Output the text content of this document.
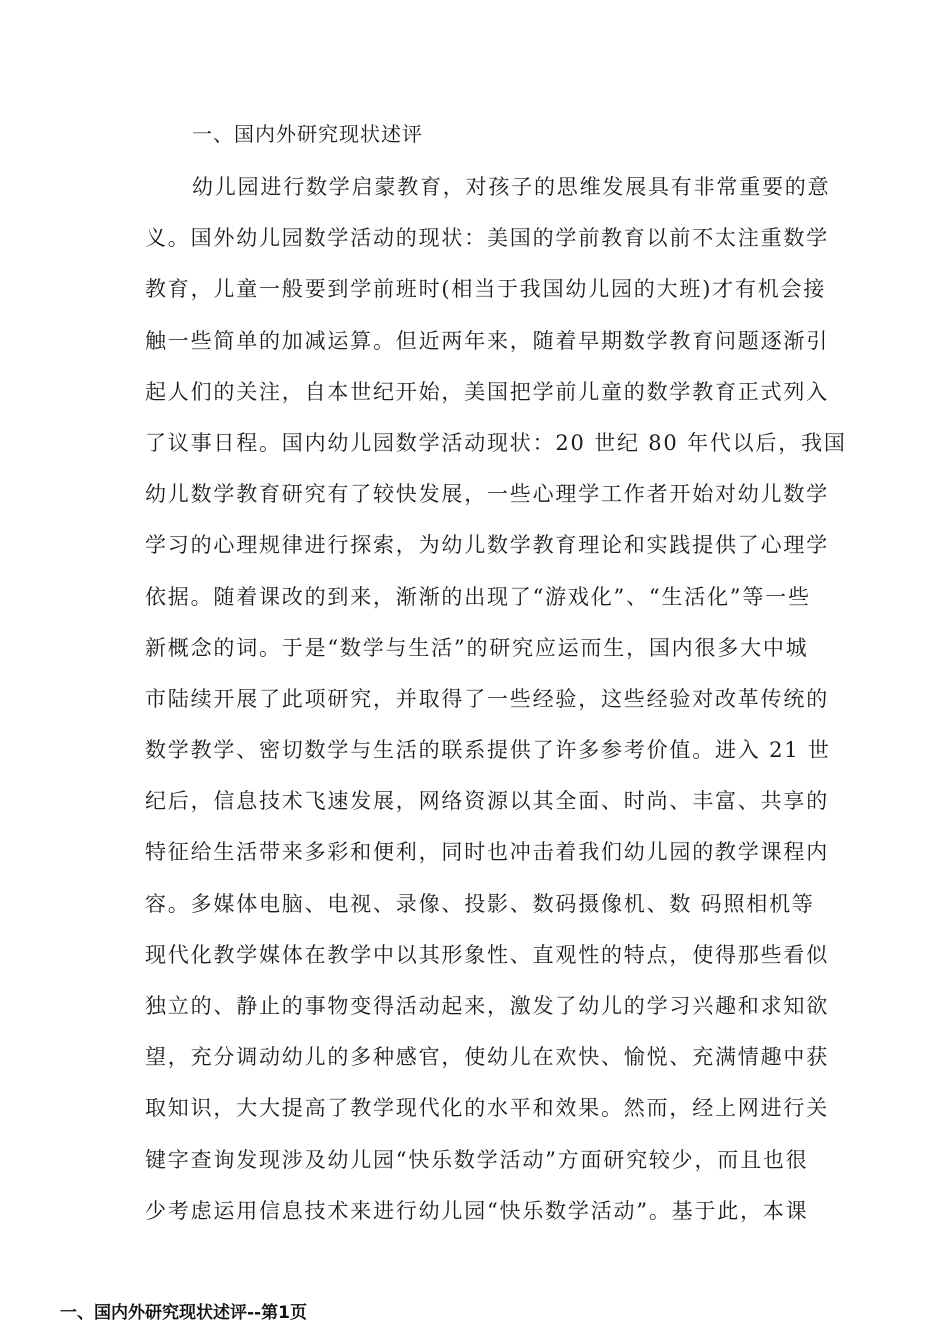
一、国内外研究现状述评
幼儿园进行数学启蒙教育，对孩子的思维发展具有非常重要的意
义。国外幼儿园数学活动的现状：美国的学前教育以前不太注重数学
教育，儿童一般要到学前班时(相当于我国幼儿园的大班)才有机会接
触一些简单的加减运算。但近两年来，随着早期数学教育问题逐渐引
起人们的关注，自本世纪开始，美国把学前儿童的数学教育正式列入
了议事日程。国内幼儿园数学活动现状：20 世纪 80 年代以后，我国
幼儿数学教育研究有了较快发展，一些心理学工作者开始对幼儿数学
学习的心理规律进行探索，为幼儿数学教育理论和实践提供了心理学
依据。随着课改的到来，渐渐的出现了“游戏化”、“生活化”等一些
新概念的词。于是“数学与生活”的研究应运而生，国内很多大中城
市陆续开展了此项研究，并取得了一些经验，这些经验对改革传统的
数学教学、密切数学与生活的联系提供了许多参考价值。进入 21 世
纪后，信息技术飞速发展，网络资源以其全面、时尚、丰富、共享的
特征给生活带来多彩和便利，同时也冲击着我们幼儿园的教学课程内
容。多媒体电脑、电视、录像、投影、数码摄像机、数 码照相机等
现代化教学媒体在教学中以其形象性、直观性的特点，使得那些看似
独立的、静止的事物变得活动起来，激发了幼儿的学习兴趣和求知欲
望，充分调动幼儿的多种感官，使幼儿在欢快、愉悦、充满情趣中获
取知识，大大提高了教学现代化的水平和效果。然而，经上网进行关
键字查询发现涉及幼儿园“快乐数学活动”方面研究较少，而且也很
少考虑运用信息技术来进行幼儿园“快乐数学活动”。基于此，本课
一、国内外研究现状述评--第1页
